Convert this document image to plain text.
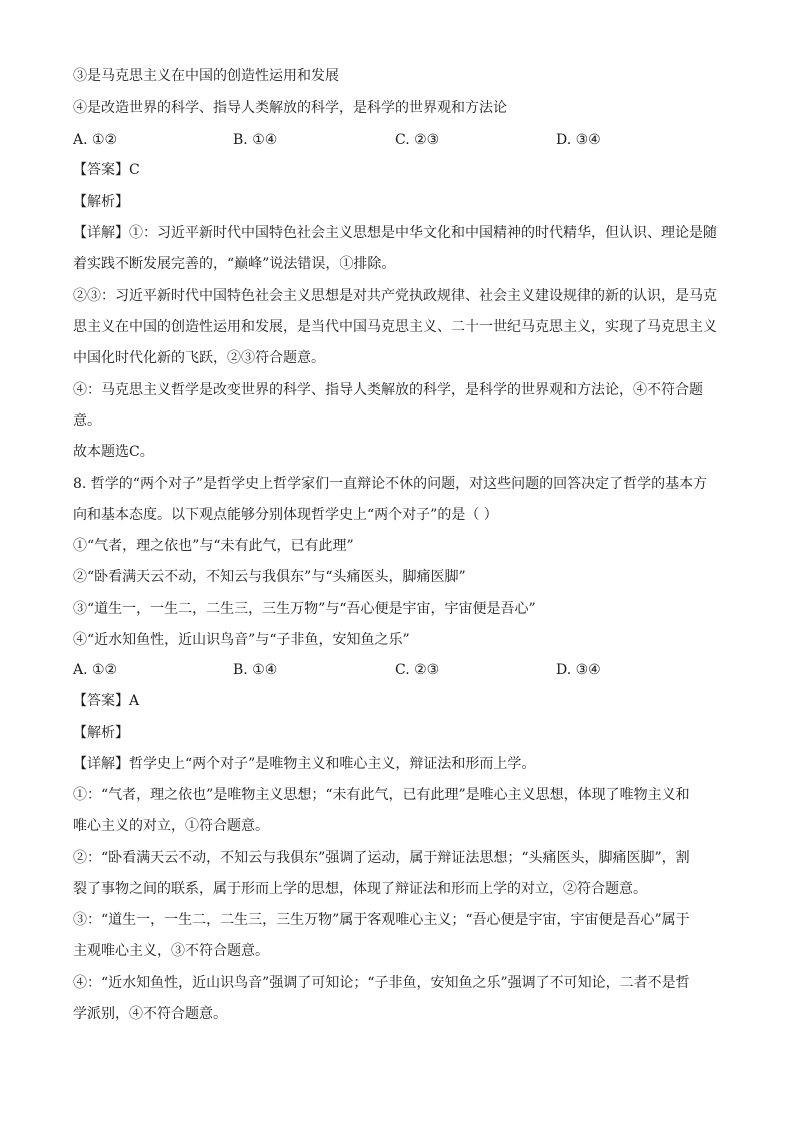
③是马克思主义在中国的创造性运用和发展
④是改造世界的科学、指导人类解放的科学，是科学的世界观和方法论
A. ①②	B. ①④	C. ②③	D. ③④
【答案】C
【解析】
【详解】①：习近平新时代中国特色社会主义思想是中华文化和中国精神的时代精华，但认识、理论是随
着实践不断发展完善的，“巅峰”说法错误，①排除。
②③：习近平新时代中国特色社会主义思想是对共产党执政规律、社会主义建设规律的新的认识，是马克
思主义在中国的创造性运用和发展，是当代中国马克思主义、二十一世纪马克思主义，实现了马克思主义
中国化时代化新的飞跃，②③符合题意。
④：马克思主义哲学是改变世界的科学、指导人类解放的科学，是科学的世界观和方法论，④不符合题
意。
故本题选C。
8. 哲学的“两个对子”是哲学史上哲学家们一直辩论不休的问题，对这些问题的回答决定了哲学的基本方
向和基本态度。以下观点能够分别体现哲学史上“两个对子”的是（ ）
①“气者，理之依也”与“未有此气，已有此理”
②“卧看满天云不动，不知云与我俱东”与“头痛医头，脚痛医脚”
③“道生一，一生二，二生三，三生万物”与“吾心便是宇宙，宇宙便是吾心”
④“近水知鱼性，近山识鸟音”与“子非鱼，安知鱼之乐”
A. ①②	B. ①④	C. ②③	D. ③④
【答案】A
【解析】
【详解】哲学史上“两个对子”是唯物主义和唯心主义，辩证法和形而上学。
①：“气者，理之依也”是唯物主义思想；“未有此气，已有此理”是唯心主义思想，体现了唯物主义和
唯心主义的对立，①符合题意。
②：“卧看满天云不动，不知云与我俱东”强调了运动，属于辩证法思想；“头痛医头，脚痛医脚”，割
裂了事物之间的联系，属于形而上学的思想，体现了辩证法和形而上学的对立，②符合题意。
③：“道生一，一生二，二生三，三生万物”属于客观唯心主义；“吾心便是宇宙，宇宙便是吾心”属于
主观唯心主义，③不符合题意。
④：“近水知鱼性，近山识鸟音”强调了可知论；“子非鱼，安知鱼之乐”强调了不可知论，二者不是哲
学派别，④不符合题意。
